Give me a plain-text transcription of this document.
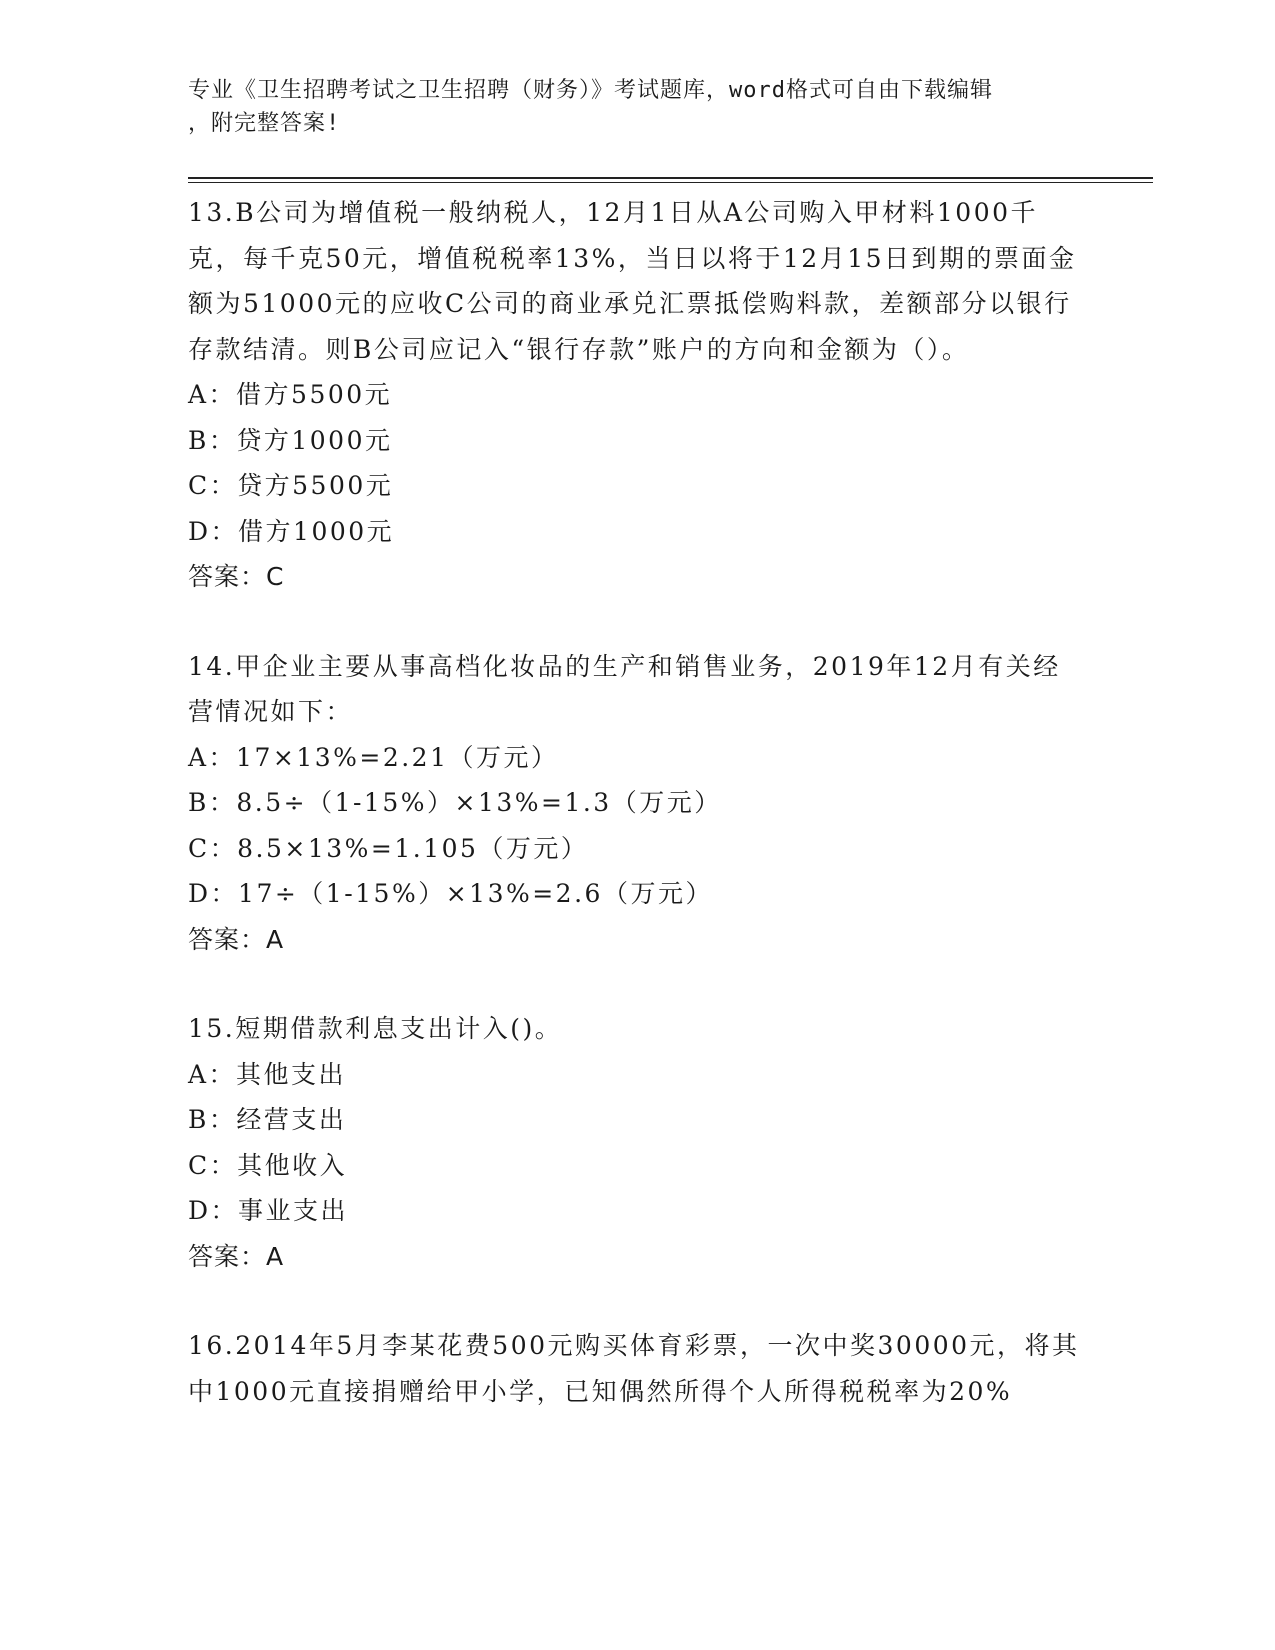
专业《卫生招聘考试之卫生招聘（财务）》考试题库，word格式可自由下载编辑
，附完整答案!

13.B公司为增值税一般纳税人，12月1日从A公司购入甲材料1000千克，每千克50元，增值税税率13%，当日以将于12月15日到期的票面金额为51000元的应收C公司的商业承兑汇票抵偿购料款，差额部分以银行存款结清。则B公司应记入“银行存款”账户的方向和金额为（）。

A：借方5500元

B：贷方1000元

C：贷方5500元

D：借方1000元

答案：C

14.甲企业主要从事高档化妆品的生产和销售业务，2019年12月有关经营情况如下：

A：17×13%=2.21（万元）

B：8.5÷（1-15%）×13%=1.3（万元）

C：8.5×13%=1.105（万元）

D：17÷（1-15%）×13%=2.6（万元）

答案：A

15.短期借款利息支出计入()。

A：其他支出

B：经营支出

C：其他收入

D：事业支出

答案：A

16.2014年5月李某花费500元购买体育彩票，一次中奖30000元，将其中1000元直接捐赠给甲小学，已知偶然所得个人所得税税率为20%
